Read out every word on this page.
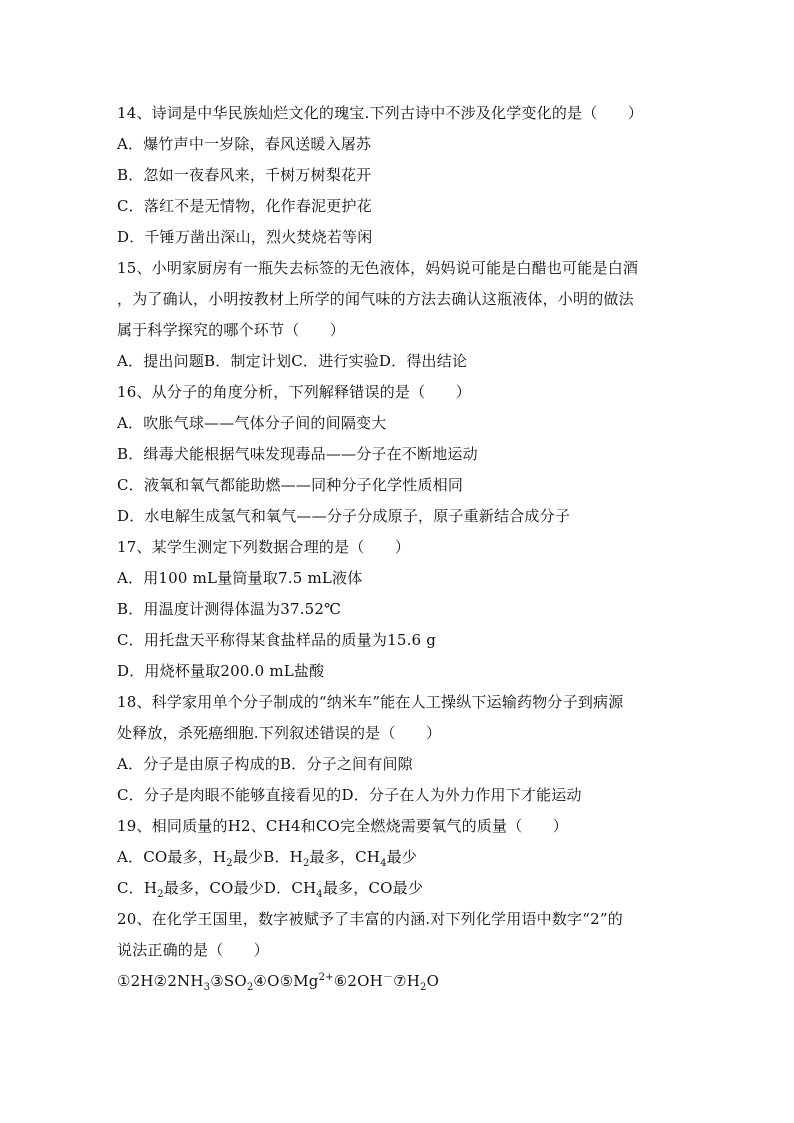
14、诗词是中华民族灿烂文化的瑰宝.下列古诗中不涉及化学变化的是（　　）
A．爆竹声中一岁除，春风送暖入屠苏
B．忽如一夜春风来，千树万树梨花开
C．落红不是无情物，化作春泥更护花
D．千锤万凿出深山，烈火焚烧若等闲
15、小明家厨房有一瓶失去标签的无色液体，妈妈说可能是白醋也可能是白酒
，为了确认，小明按教材上所学的闻气味的方法去确认这瓶液体，小明的做法
属于科学探究的哪个环节（　　）
A．提出问题B．制定计划C．进行实验D．得出结论
16、从分子的角度分析，下列解释错误的是（　　）
A．吹胀气球——气体分子间的间隔变大
B．缉毒犬能根据气味发现毒品——分子在不断地运动
C．液氧和氧气都能助燃——同种分子化学性质相同
D．水电解生成氢气和氧气——分子分成原子，原子重新结合成分子
17、某学生测定下列数据合理的是（　　）
A．用100 mL量筒量取7.5 mL液体
B．用温度计测得体温为37.52℃
C．用托盘天平称得某食盐样品的质量为15.6 g
D．用烧杯量取200.0 mL盐酸
18、科学家用单个分子制成的“纳米车”能在人工操纵下运输药物分子到病源
处释放，杀死癌细胞.下列叙述错误的是（　　）
A．分子是由原子构成的B．分子之间有间隙
C．分子是肉眼不能够直接看见的D．分子在人为外力作用下才能运动
19、相同质量的H2、CH4和CO完全燃烧需要氧气的质量（　　）
A．CO最多，$H_2$最少B．$H_2$最多，$CH_4$最少
C．$H_2$最多，CO最少D．$CH_4$最多，CO最少
20、在化学王国里，数字被赋予了丰富的内涵.对下列化学用语中数字“2”的
说法正确的是（　　）
$①2H②2NH_3③SO_2④O⑤Mg^{2+}⑥2OH^-⑦H_2O$
